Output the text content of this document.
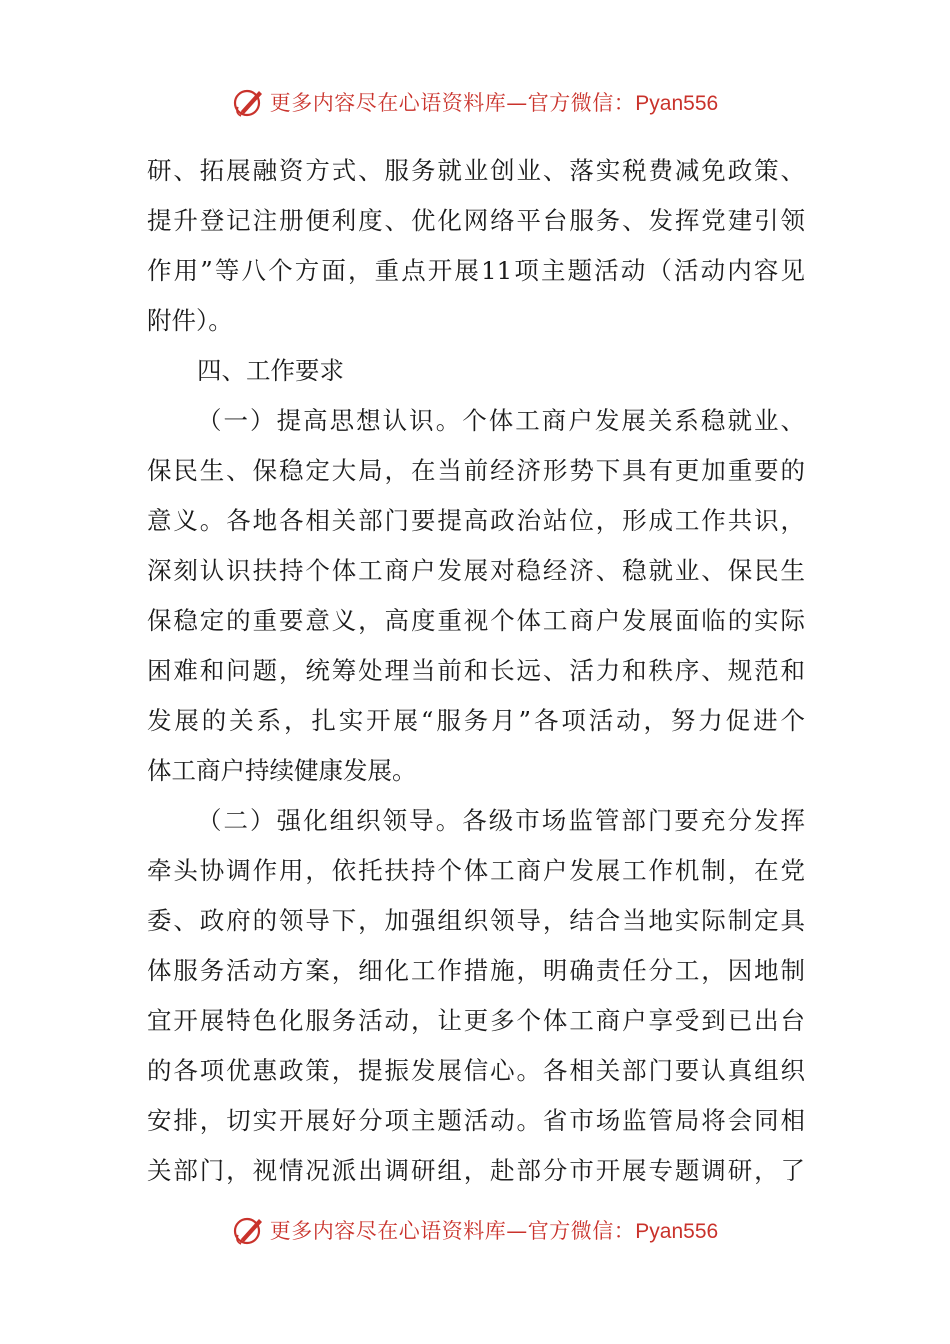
更多内容尽在心语资料库—官方微信：Pyan556
研、拓展融资方式、服务就业创业、落实税费减免政策、
提升登记注册便利度、优化网络平台服务、发挥党建引领
作用”等八个方面，重点开展11项主题活动（活动内容见
附件）。
四、工作要求
（一）提高思想认识。个体工商户发展关系稳就业、
保民生、保稳定大局，在当前经济形势下具有更加重要的
意义。各地各相关部门要提高政治站位，形成工作共识，
深刻认识扶持个体工商户发展对稳经济、稳就业、保民生
保稳定的重要意义，高度重视个体工商户发展面临的实际
困难和问题，统筹处理当前和长远、活力和秩序、规范和
发展的关系，扎实开展“服务月”各项活动，努力促进个
体工商户持续健康发展。
（二）强化组织领导。各级市场监管部门要充分发挥
牵头协调作用，依托扶持个体工商户发展工作机制，在党
委、政府的领导下，加强组织领导，结合当地实际制定具
体服务活动方案，细化工作措施，明确责任分工，因地制
宜开展特色化服务活动，让更多个体工商户享受到已出台
的各项优惠政策，提振发展信心。各相关部门要认真组织
安排，切实开展好分项主题活动。省市场监管局将会同相
关部门，视情况派出调研组，赴部分市开展专题调研，了
更多内容尽在心语资料库—官方微信：Pyan556
